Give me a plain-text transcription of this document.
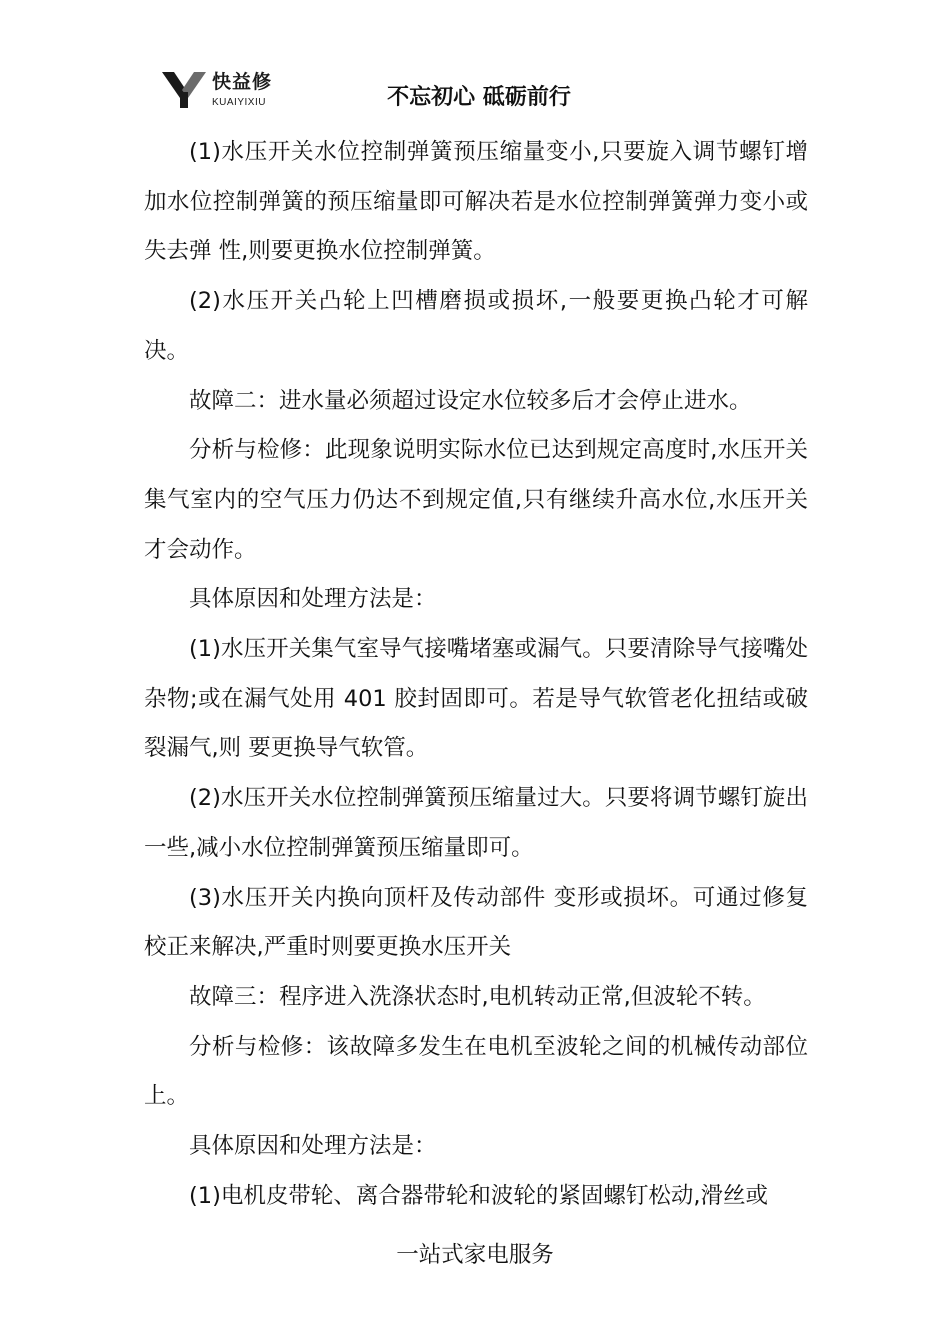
快益修
KUAIYIXIU	不忘初心 砥砺前行

(1)水压开关水位控制弹簧预压缩量变小,只要旋入调节螺钉增加水位控制弹簧的预压缩量即可解决若是水位控制弹簧弹力变小或失去弹 性,则要更换水位控制弹簧。

(2)水压开关凸轮上凹槽磨损或损坏,一般要更换凸轮才可解决。

故障二：进水量必须超过设定水位较多后才会停止进水。

分析与检修：此现象说明实际水位已达到规定高度时,水压开关集气室内的空气压力仍达不到规定值,只有继续升高水位,水压开关才会动作。

具体原因和处理方法是：

(1)水压开关集气室导气接嘴堵塞或漏气。只要清除导气接嘴处杂物;或在漏气处用 401 胶封固即可。若是导气软管老化扭结或破裂漏气,则 要更换导气软管。

(2)水压开关水位控制弹簧预压缩量过大。只要将调节螺钉旋出一些,减小水位控制弹簧预压缩量即可。

(3)水压开关内换向顶杆及传动部件 变形或损坏。可通过修复校正来解决,严重时则要更换水压开关

故障三：程序进入洗涤状态时,电机转动正常,但波轮不转。

分析与检修：该故障多发生在电机至波轮之间的机械传动部位上。

具体原因和处理方法是：

(1)电机皮带轮、离合器带轮和波轮的紧固螺钉松动,滑丝或

一站式家电服务
